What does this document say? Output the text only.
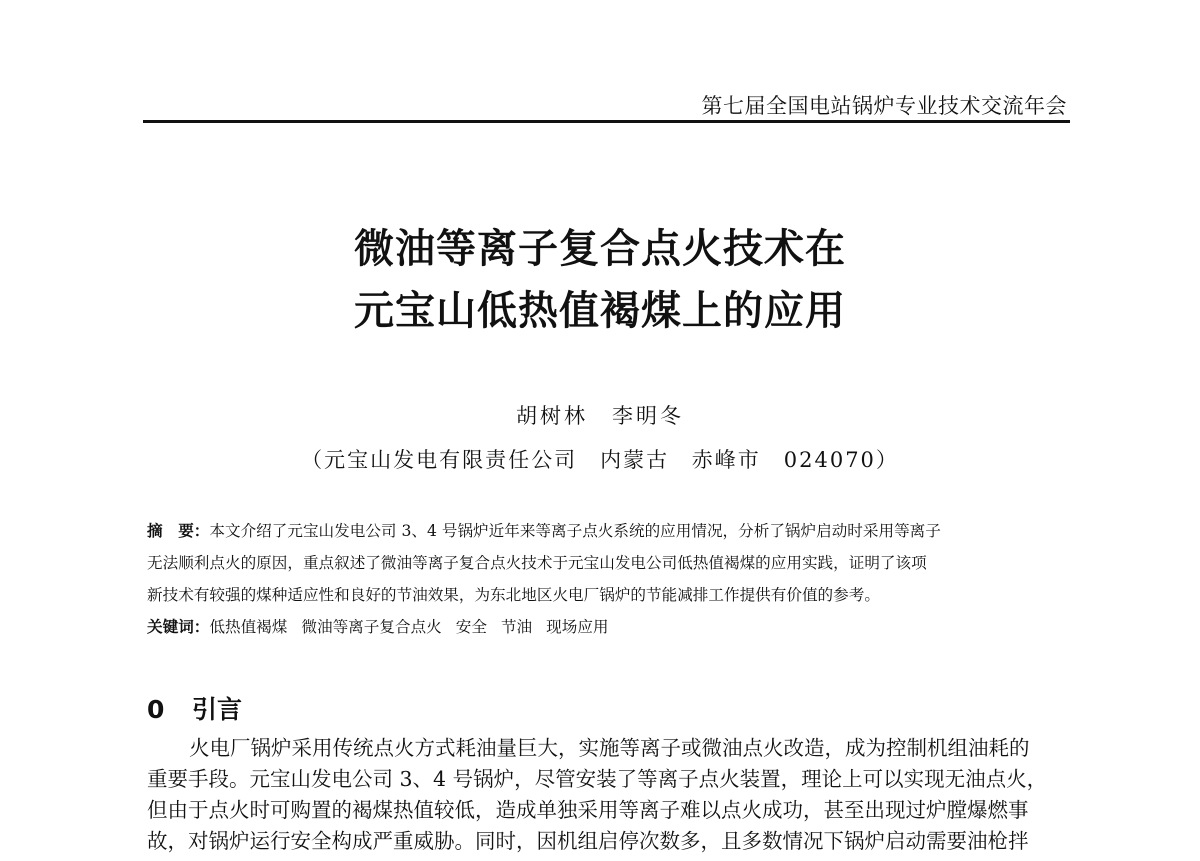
第七届全国电站锅炉专业技术交流年会
微油等离子复合点火技术在
元宝山低热值褐煤上的应用
胡树林　李明冬
（元宝山发电有限责任公司　内蒙古 赤峰市　024070）
摘　要：本文介绍了元宝山发电公司 3、4 号锅炉近年来等离子点火系统的应用情况，分析了锅炉启动时采用等离子
无法顺利点火的原因，重点叙述了微油等离子复合点火技术于元宝山发电公司低热值褐煤的应用实践，证明了该项
新技术有较强的煤种适应性和良好的节油效果，为东北地区火电厂锅炉的节能减排工作提供有价值的参考。
关键词：低热值褐煤 微油等离子复合点火 安全 节油 现场应用
0 引言
火电厂锅炉采用传统点火方式耗油量巨大，实施等离子或微油点火改造，成为控制机组油耗的
重要手段。元宝山发电公司 3、4 号锅炉，尽管安装了等离子点火装置，理论上可以实现无油点火，
但由于点火时可购置的褐煤热值较低，造成单独采用等离子难以点火成功，甚至出现过炉膛爆燃事
故，对锅炉运行安全构成严重威胁。同时，因机组启停次数多，且多数情况下锅炉启动需要油枪拌
